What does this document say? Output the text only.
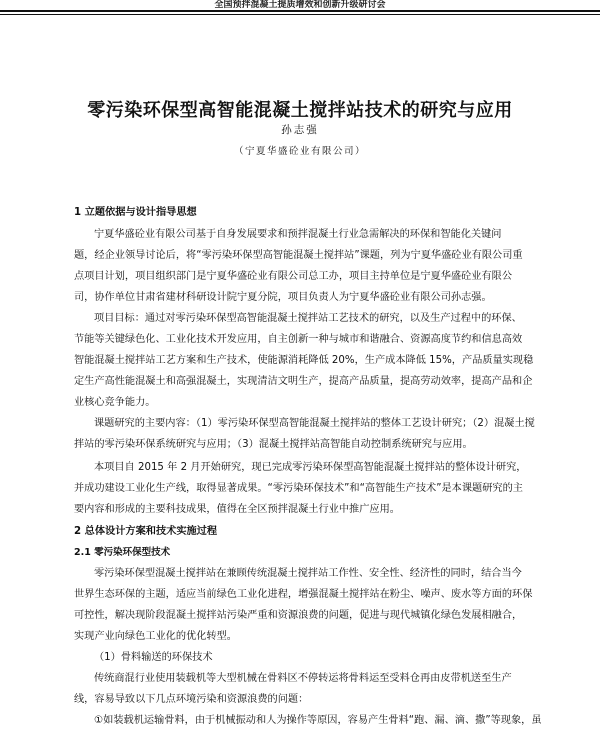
全国预拌混凝土提质增效和创新升级研讨会
零污染环保型高智能混凝土搅拌站技术的研究与应用
孙志强
（宁夏华盛砼业有限公司）
1 立题依据与设计指导思想
宁夏华盛砼业有限公司基于自身发展要求和预拌混凝土行业急需解决的环保和智能化关键问
题，经企业领导讨论后，将“零污染环保型高智能混凝土搅拌站”课题，列为宁夏华盛砼业有限公司重
点项目计划，项目组织部门是宁夏华盛砼业有限公司总工办，项目主持单位是宁夏华盛砼业有限公
司，协作单位甘肃省建材科研设计院宁夏分院，项目负责人为宁夏华盛砼业有限公司孙志强。
项目目标：通过对零污染环保型高智能混凝土搅拌站工艺技术的研究，以及生产过程中的环保、
节能等关键绿色化、工业化技术开发应用，自主创新一种与城市和谐融合、资源高度节约和信息高效
智能混凝土搅拌站工艺方案和生产技术，使能源消耗降低 20%，生产成本降低 15%，产品质量实现稳
定生产高性能混凝土和高强混凝土，实现清洁文明生产，提高产品质量，提高劳动效率，提高产品和企
业核心竞争能力。
课题研究的主要内容：（1）零污染环保型高智能混凝土搅拌站的整体工艺设计研究；（2）混凝土搅
拌站的零污染环保系统研究与应用；（3）混凝土搅拌站高智能自动控制系统研究与应用。
本项目自 2015 年 2 月开始研究，现已完成零污染环保型高智能混凝土搅拌站的整体设计研究，
并成功建设工业化生产线，取得显著成果。“零污染环保技术”和“高智能生产技术”是本课题研究的主
要内容和形成的主要科技成果，值得在全区预拌混凝土行业中推广应用。
2 总体设计方案和技术实施过程
2.1 零污染环保型技术
零污染环保型混凝土搅拌站在兼顾传统混凝土搅拌站工作性、安全性、经济性的同时，结合当今
世界生态环保的主题，适应当前绿色工业化进程，增强混凝土搅拌站在粉尘、噪声、废水等方面的环保
可控性，解决现阶段混凝土搅拌站污染严重和资源浪费的问题，促进与现代城镇化绿色发展相融合，
实现产业向绿色工业化的优化转型。
（1）骨料输送的环保技术
传统商混行业使用装载机等大型机械在骨料区不停转运将骨料运至受料仓再由皮带机送至生产
线，容易导致以下几点环境污染和资源浪费的问题：
①如装载机运输骨料，由于机械振动和人为操作等原因，容易产生骨料“跑、漏、滴、撒”等现象，虽
